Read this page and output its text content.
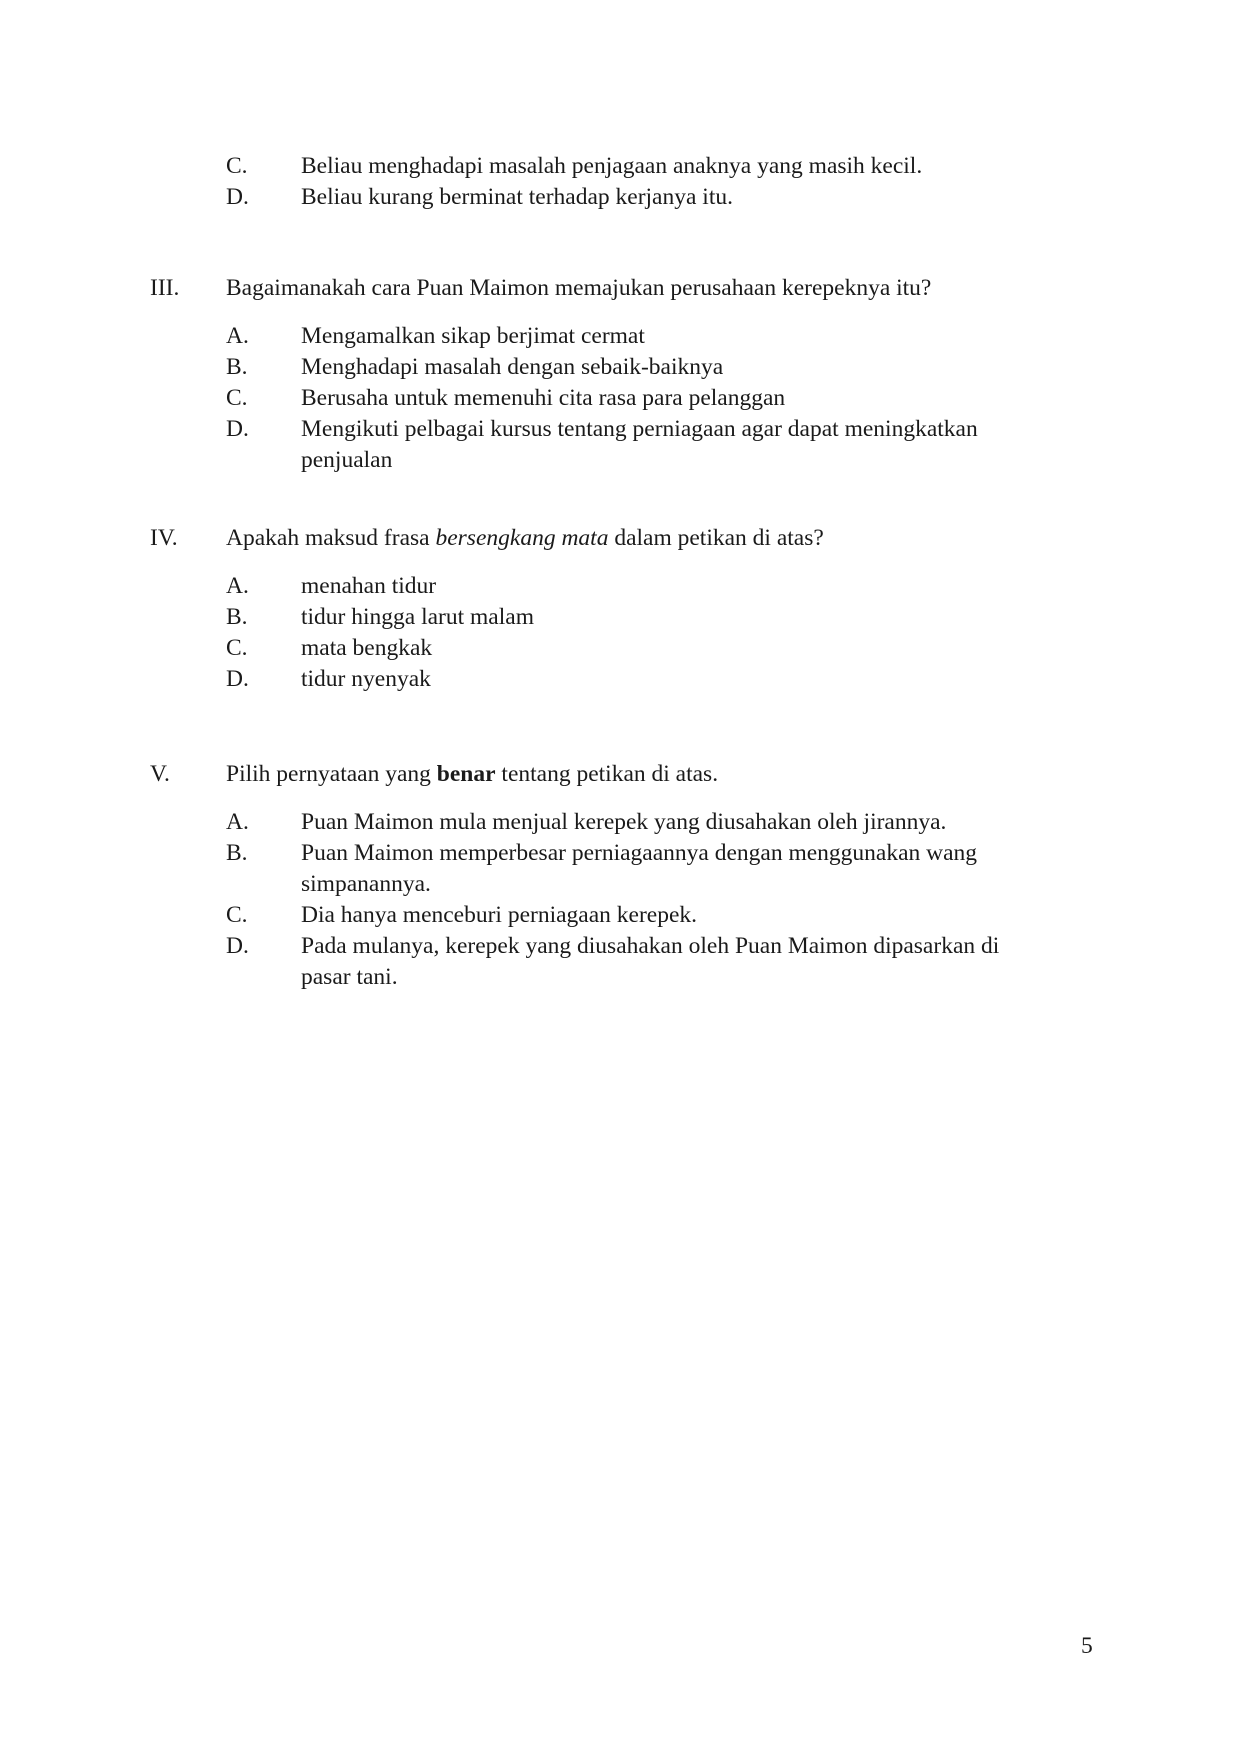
C. Beliau menghadapi masalah penjagaan anaknya yang masih kecil.
D. Beliau kurang berminat terhadap kerjanya itu.
III. Bagaimanakah cara Puan Maimon memajukan perusahaan kerepeknya itu?
A. Mengamalkan sikap berjimat cermat
B. Menghadapi masalah dengan sebaik-baiknya
C. Berusaha untuk memenuhi cita rasa para pelanggan
D. Mengikuti pelbagai kursus tentang perniagaan agar dapat meningkatkan
penjualan
IV. Apakah maksud frasa bersengkang mata dalam petikan di atas?
A. menahan tidur
B. tidur hingga larut malam
C. mata bengkak
D. tidur nyenyak
V. Pilih pernyataan yang benar tentang petikan di atas.
A. Puan Maimon mula menjual kerepek yang diusahakan oleh jirannya.
B. Puan Maimon memperbesar perniagaannya dengan menggunakan wang
simpanannya.
C. Dia hanya menceburi perniagaan kerepek.
D. Pada mulanya, kerepek yang diusahakan oleh Puan Maimon dipasarkan di
pasar tani.
5
